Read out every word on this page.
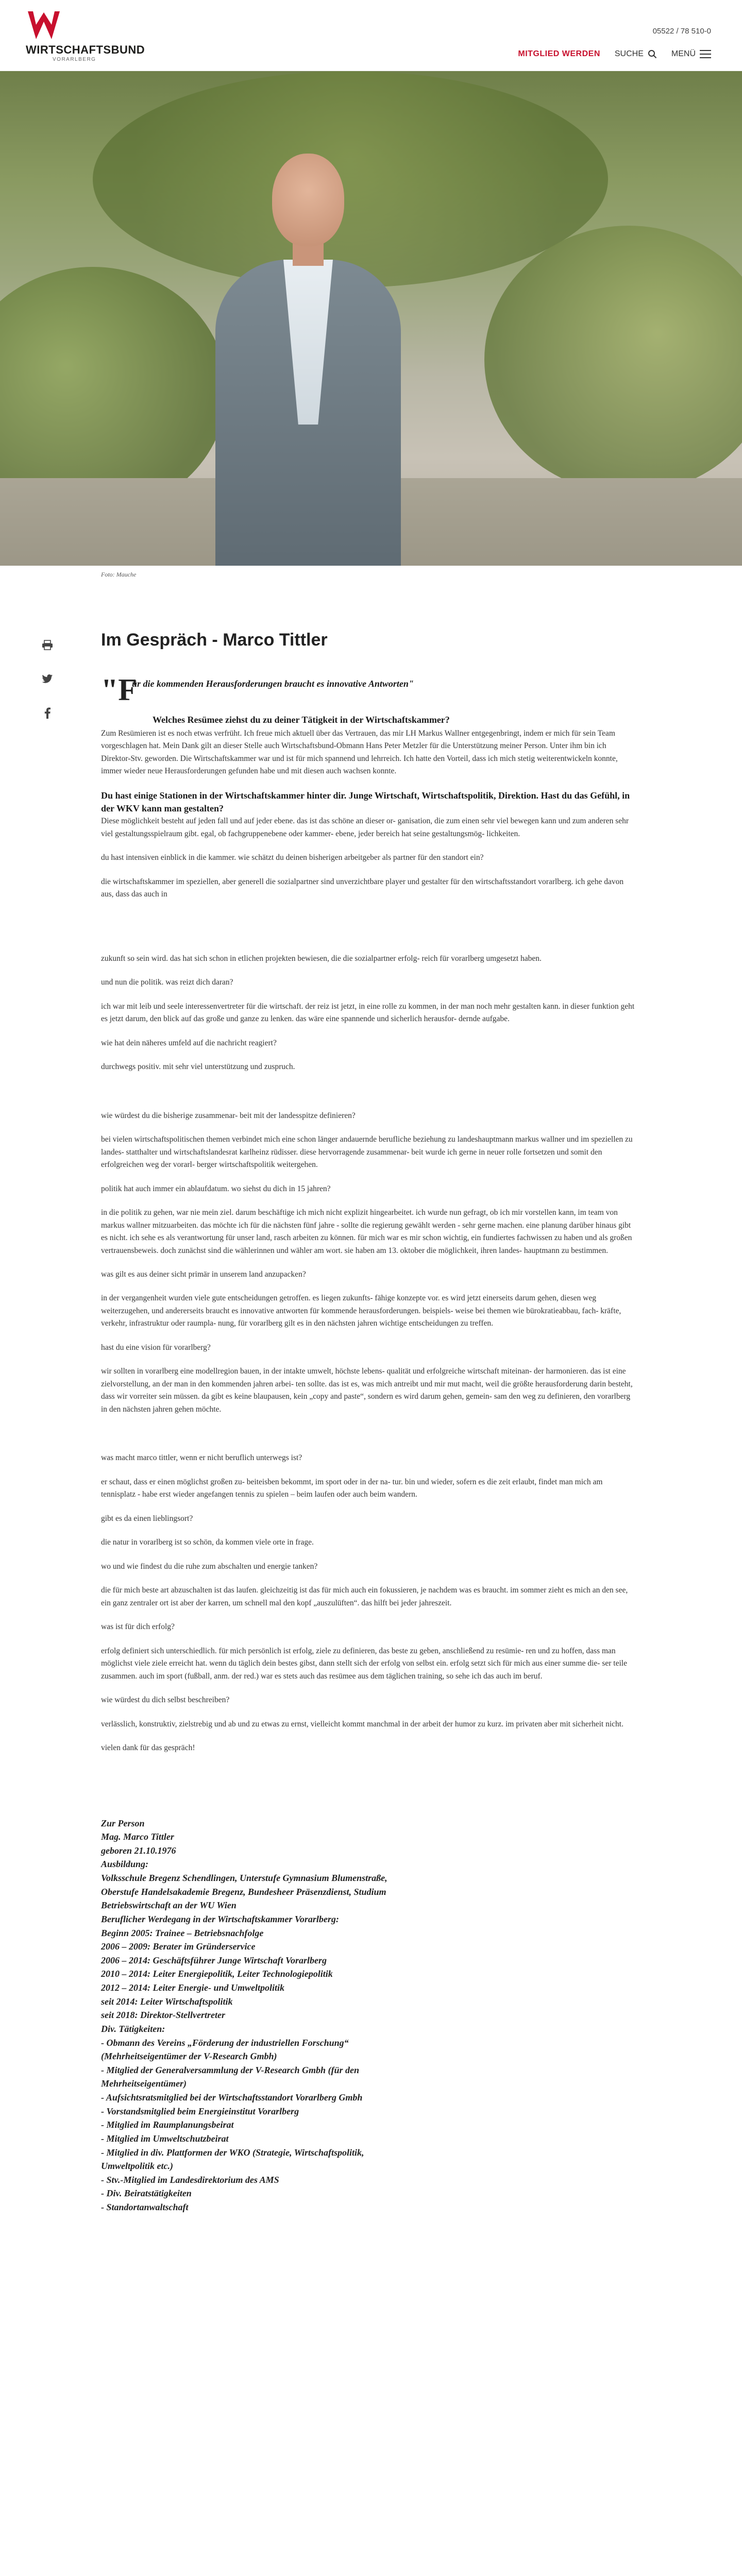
WIRTSCHAFTSBUND
VORARLBERG
05522 / 78 510-0
MITGLIED WERDEN SUCHE	MENÜ
Foto: Mauche
Im Gespräch - Marco Tittler
"F

ür die kommenden Herausforderungen braucht es innovative Antworten"

Welches Resümee ziehst du zu deiner Tätigkeit in der Wirtschaftskammer?

Zum Resümieren ist es noch etwas verfrüht. Ich freue mich aktuell über das Vertrauen, das mir LH Markus Wallner entgegenbringt, indem er mich für sein Team vorgeschlagen hat. Mein Dank gilt an dieser Stelle auch Wirtschaftsbund-Obmann Hans Peter Metzler für die Unterstützung meiner Person. Unter ihm bin ich Direktor-Stv. geworden. Die Wirtschaftskammer war und ist für mich spannend und lehrreich. Ich hatte den Vorteil, dass ich mich stetig weiterentwickeln konnte, immer wieder neue Herausforderungen gefunden habe und mit diesen auch wachsen konnte.

Du hast einige Stationen in der Wirtschaftskammer hinter dir. Junge Wirtschaft, Wirtschaftspolitik, Direktion. Hast du das Gefühl, in der WKV kann man gestalten?

Diese möglichkeit besteht auf jeden fall und auf jeder ebene. das ist das schöne an dieser or- ganisation, die zum einen sehr viel bewegen kann und zum anderen sehr viel gestaltungsspielraum gibt. egal, ob fachgruppenebene oder kammer- ebene, jeder bereich hat seine gestaltungsmög- lichkeiten.

du hast intensiven einblick in die kammer. wie schätzt du deinen bisherigen arbeitgeber als partner für den standort ein?

die wirtschaftskammer im speziellen, aber generell die sozialpartner sind unverzichtbare player und gestalter für den wirtschaftsstandort vorarlberg. ich gehe davon aus, dass das auch in

zukunft so sein wird. das hat sich schon in etlichen projekten bewiesen, die die sozialpartner erfolg- reich für vorarlberg umgesetzt haben.

und nun die politik. was reizt dich daran?

ich war mit leib und seele interessenvertreter für die wirtschaft. der reiz ist jetzt, in eine rolle zu kommen, in der man noch mehr gestalten kann. in dieser funktion geht es jetzt darum, den blick auf das große und ganze zu lenken. das wäre eine spannende und sicherlich herausfor- dernde aufgabe.

wie hat dein näheres umfeld auf die nachricht reagiert?

durchwegs positiv. mit sehr viel unterstützung und zuspruch.

wie würdest du die bisherige zusammenar- beit mit der landesspitze definieren?

bei vielen wirtschaftspolitischen themen verbindet mich eine schon länger andauernde berufliche beziehung zu landeshauptmann markus wallner und im speziellen zu landes- statthalter und wirtschaftslandesrat karlheinz rüdisser. diese hervorragende zusammenar- beit wurde ich gerne in neuer rolle fortsetzen und somit den erfolgreichen weg der vorarl- berger wirtschaftspolitik weitergehen.

politik hat auch immer ein ablaufdatum. wo siehst du dich in 15 jahren?

in die politik zu gehen, war nie mein ziel. darum beschäftige ich mich nicht explizit hingearbeitet. ich wurde nun gefragt, ob ich mir vorstellen kann, im team von markus wallner mitzuarbeiten. das möchte ich für die nächsten fünf jahre - sollte die regierung gewählt werden - sehr gerne machen. eine planung darüber hinaus gibt es nicht. ich sehe es als verantwortung für unser land, rasch arbeiten zu können. für mich war es mir schon wichtig, ein fundiertes fachwissen zu haben und als großen vertrauensbeweis. doch zunächst sind die wählerinnen und wähler am wort. sie haben am 13. oktober die möglichkeit, ihren landes- hauptmann zu bestimmen.

was gilt es aus deiner sicht primär in unserem land anzupacken?

in der vergangenheit wurden viele gute entscheidungen getroffen. es liegen zukunfts- fähige konzepte vor. es wird jetzt einerseits darum gehen, diesen weg weiterzugehen, und andererseits braucht es innovative antworten für kommende herausforderungen. beispiels- weise bei themen wie bürokratieabbau, fach- kräfte, verkehr, infrastruktur oder raumpla- nung, für vorarlberg gilt es in den nächsten jahren wichtige entscheidungen zu treffen.

hast du eine vision für vorarlberg?

wir sollten in vorarlberg eine modellregion bauen, in der intakte umwelt, höchste lebens- qualität und erfolgreiche wirtschaft miteinan- der harmonieren. das ist eine zielvorstellung, an der man in den kommenden jahren arbei- ten sollte. das ist es, was mich antreibt und mir mut macht, weil die größte herausforderung darin besteht, dass wir vorreiter sein müssen. da gibt es keine blaupausen, kein „copy and paste“, sondern es wird darum gehen, gemein- sam den weg zu definieren, den vorarlberg in den nächsten jahren gehen möchte.

was macht marco tittler, wenn er nicht beruflich unterwegs ist?

er schaut, dass er einen möglichst großen zu- beiteisben bekommt, im sport oder in der na- tur. bin und wieder, sofern es die zeit erlaubt, findet man mich am tennisplatz - habe erst wieder angefangen tennis zu spielen – beim laufen oder auch beim wandern.

gibt es da einen lieblingsort?

die natur in vorarlberg ist so schön, da kommen viele orte in frage.

wo und wie findest du die ruhe zum abschalten und energie tanken?

die für mich beste art abzuschalten ist das laufen. gleichzeitig ist das für mich auch ein fokussieren, je nachdem was es braucht. im sommer zieht es mich an den see, ein ganz zentraler ort ist aber der karren, um schnell mal den kopf „auszulüften“. das hilft bei jeder jahreszeit.

was ist für dich erfolg?

erfolg definiert sich unterschiedlich. für mich persönlich ist erfolg, ziele zu definieren, das beste zu geben, anschließend zu resümie- ren und zu hoffen, dass man möglichst viele ziele erreicht hat. wenn du täglich dein bestes gibst, dann stellt sich der erfolg von selbst ein. erfolg setzt sich für mich aus einer summe die- ser teile zusammen. auch im sport (fußball, anm. der red.) war es stets auch das resümee aus dem täglichen training, so sehe ich das auch im beruf.

wie würdest du dich selbst beschreiben?

verlässlich, konstruktiv, zielstrebig und ab und zu etwas zu ernst, vielleicht kommt manchmal in der arbeit der humor zu kurz. im privaten aber mit sicherheit nicht.

vielen dank für das gespräch!

Zur Person
Mag. Marco Tittler
geboren 21.10.1976
Ausbildung:
Volksschule Bregenz Schendlingen, Unterstufe Gymnasium Blumenstraße,
Oberstufe Handelsakademie Bregenz, Bundesheer Präsenzdienst, Studium
Betriebswirtschaft an der WU Wien
Beruflicher Werdegang in der Wirtschaftskammer Vorarlberg:
Beginn 2005: Trainee – Betriebsnachfolge
2006 – 2009: Berater im Gründerservice
2006 – 2014: Geschäftsführer Junge Wirtschaft Vorarlberg
2010 – 2014: Leiter Energiepolitik, Leiter Technologiepolitik
2012 – 2014: Leiter Energie- und Umweltpolitik
seit 2014: Leiter Wirtschaftspolitik
seit 2018: Direktor-Stellvertreter
Div. Tätigkeiten:
- Obmann des Vereins „Förderung der industriellen Forschung“
(Mehrheitseigentümer der V-Research Gmbh)
- Mitglied der Generalversammlung der V-Research Gmbh (für den
Mehrheitseigentümer)
- Aufsichtsratsmitglied bei der Wirtschaftsstandort Vorarlberg Gmbh
- Vorstandsmitglied beim Energieinstitut Vorarlberg
- Mitglied im Raumplanungsbeirat
- Mitglied im Umweltschutzbeirat
- Mitglied in div. Plattformen der WKO (Strategie, Wirtschaftspolitik,
Umweltpolitik etc.)
- Stv.-Mitglied im Landesdirektorium des AMS
- Div. Beiratstätigkeiten
- Standortanwaltschaft
